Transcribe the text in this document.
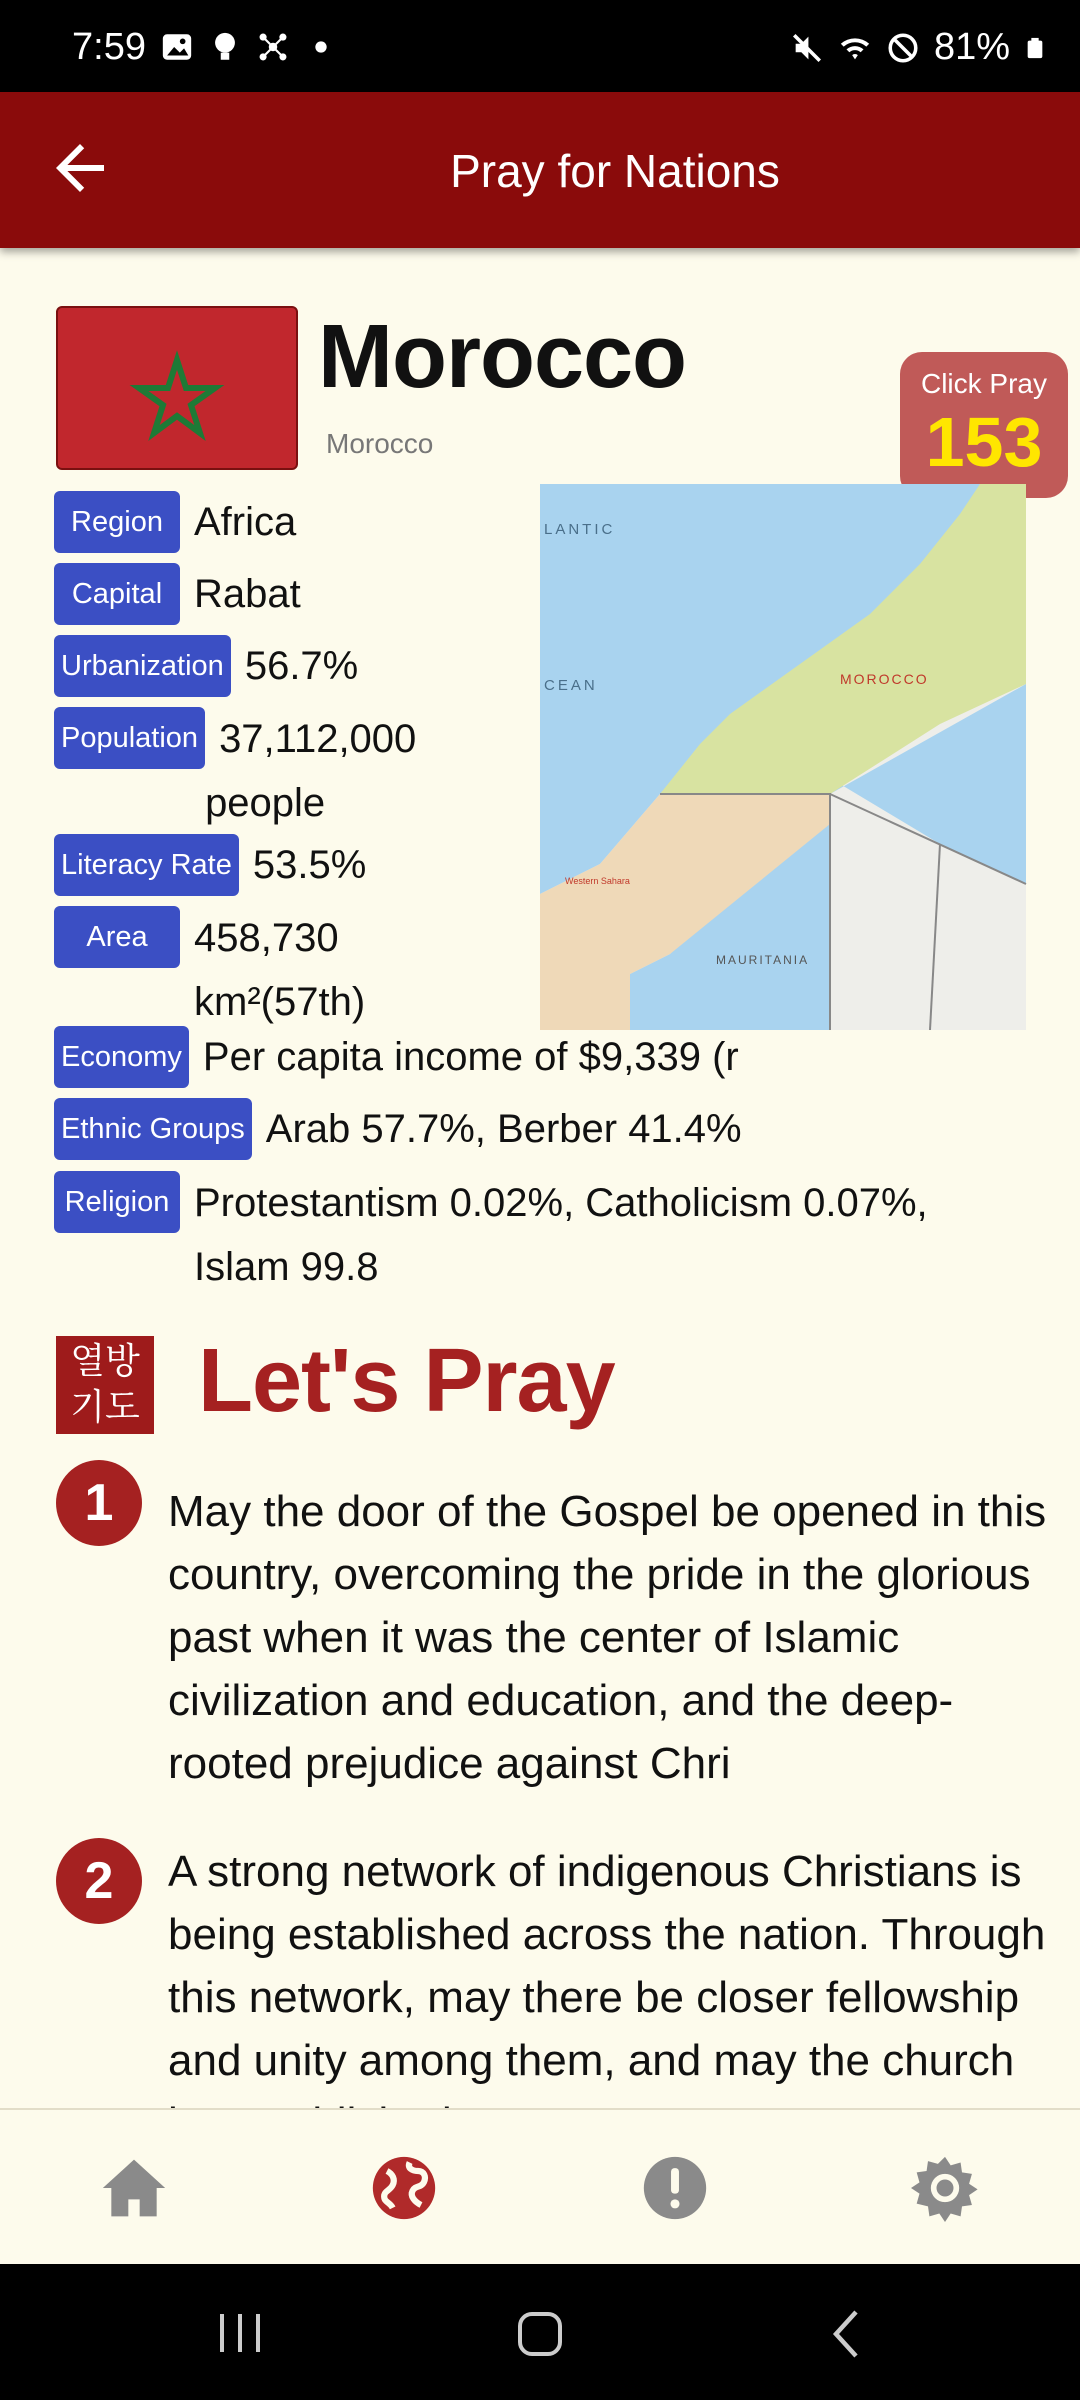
7:59	81%
Pray for Nations
Morocco
Morocco
Click Pray
153
LANTIC
CEAN	MOROCCO
MAURITANIA
Western Sahara
Region Africa
Capital Rabat
Urbanization 56.7%
Population 37,112,000
people
Literacy Rate 53.5%
Area	458,730
km²(57th)
Economy Per capita income of $9,339 (r
Ethnic Groups Arab 57.7%, Berber 41.4%
Religion Protestantism 0.02%, Catholicism 0.07%,
Islam 99.8
열방
기도 Let's Pray
1	May the door of the Gospel be opened in this country, overcoming the pride in the glorious past when it was the center of Islamic civilization and education, and the deep-rooted prejudice against Chri
2	A strong network of indigenous Christians is being established across the nation. Through this network, may there be closer fellowship and unity among them, and may the church
